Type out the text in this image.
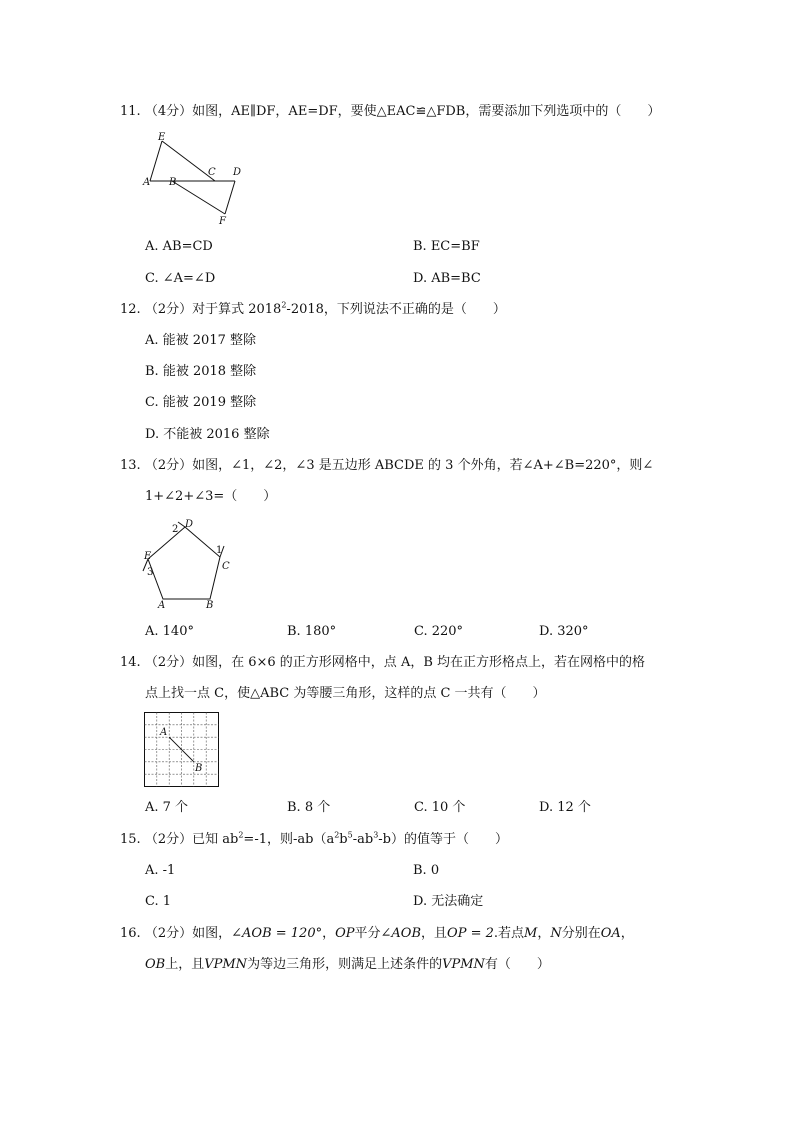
11. （4分）如图，AE∥DF，AE=DF，要使△EAC≌△FDB，需要添加下列选项中的（　　）
E
A B
C D
F
A. AB=CD	B. EC=BF
C. ∠A=∠D	D. AB=BC
12. （2分）对于算式 2018$^2$-2018，下列说法不正确的是（　　）
A. 能被 2017 整除
B. 能被 2018 整除
C. 能被 2019 整除
D. 不能被 2016 整除
13. （2分）如图，∠1，∠2，∠3 是五边形 ABCDE 的 3 个外角，若∠A+∠B=220°，则∠
1+∠2+∠3=（　　）
D
2
1
C
E
3
A	B
A. 140°	B. 180°	C. 220°	D. 320°
14. （2分）如图，在 6×6 的正方形网格中，点 A，B 均在正方形格点上，若在网格中的格
点上找一点 C，使△ABC 为等腰三角形，这样的点 C 一共有（　　）
A
B
A. 7 个	B. 8 个	C. 10 个	D. 12 个
15. （2分）已知 $ab^2=-1$，则$-ab(a^2b^5-ab^3-b)$的值等于（　　）
A. -1	B. 0
C. 1	D. 无法确定
16. （2分）如图，∠AOB = 120°，OP平分∠AOB，且OP = 2.若点M，N分别在OA，
OB上，且VPMN为等边三角形，则满足上述条件的VPMN有（　　）
